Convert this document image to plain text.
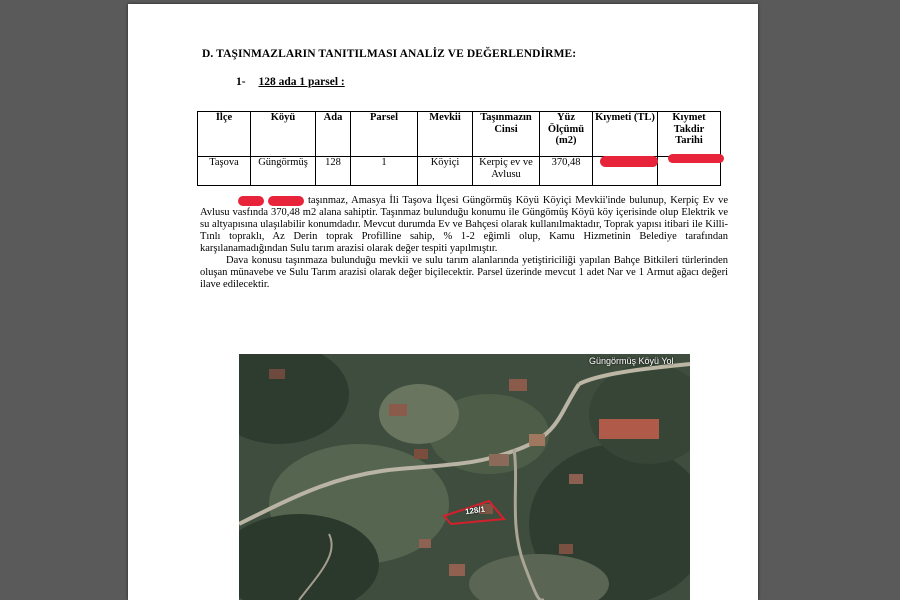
D. TAŞINMAZLARIN TANITILMASI ANALİZ VE DEĞERLENDİRME:
1- 128 ada 1 parsel :
İlçe	Köyü	Ada	Parsel	Mevkii	Taşınmazın Cinsi	Yüz Ölçümü (m2)	Kıymeti (TL)	Kıymet Takdir Tarihi
Taşova	Güngörmüş	128	1	Köyiçi	Kerpiç ev ve Avlusu	370,48		

taşınmaz, Amasya İli Taşova İlçesi Güngörmüş Köyü Köyiçi Mevkii'inde bulunup, Kerpiç Ev ve Avlusu vasfında 370,48 m2 alana sahiptir. Taşınmaz bulunduğu konumu ile Güngömüş Köyü köy içerisinde olup Elektrik ve su altyapısına ulaşılabilir konumdadır. Mevcut durumda Ev ve Bahçesi olarak kullanılmaktadır, Toprak yapısı itibari ile Killi-Tınlı topraklı, Az Derin toprak Profilline sahip, % 1-2 eğimli olup, Kamu Hizmetinin Belediye tarafından karşılanamadığından Sulu tarım arazisi olarak değer tespiti yapılmıştır.

Dava konusu taşınmaza bulunduğu mevkii ve sulu tarım alanlarında yetiştiriciliği yapılan Bahçe Bitkileri türlerinden oluşan münavebe ve Sulu Tarım arazisi olarak değer biçilecektir. Parsel üzerinde mevcut 1 adet Nar ve 1 Armut ağacı değeri ilave edilecektir.

Güngörmüş Köyü Yol
128/1
